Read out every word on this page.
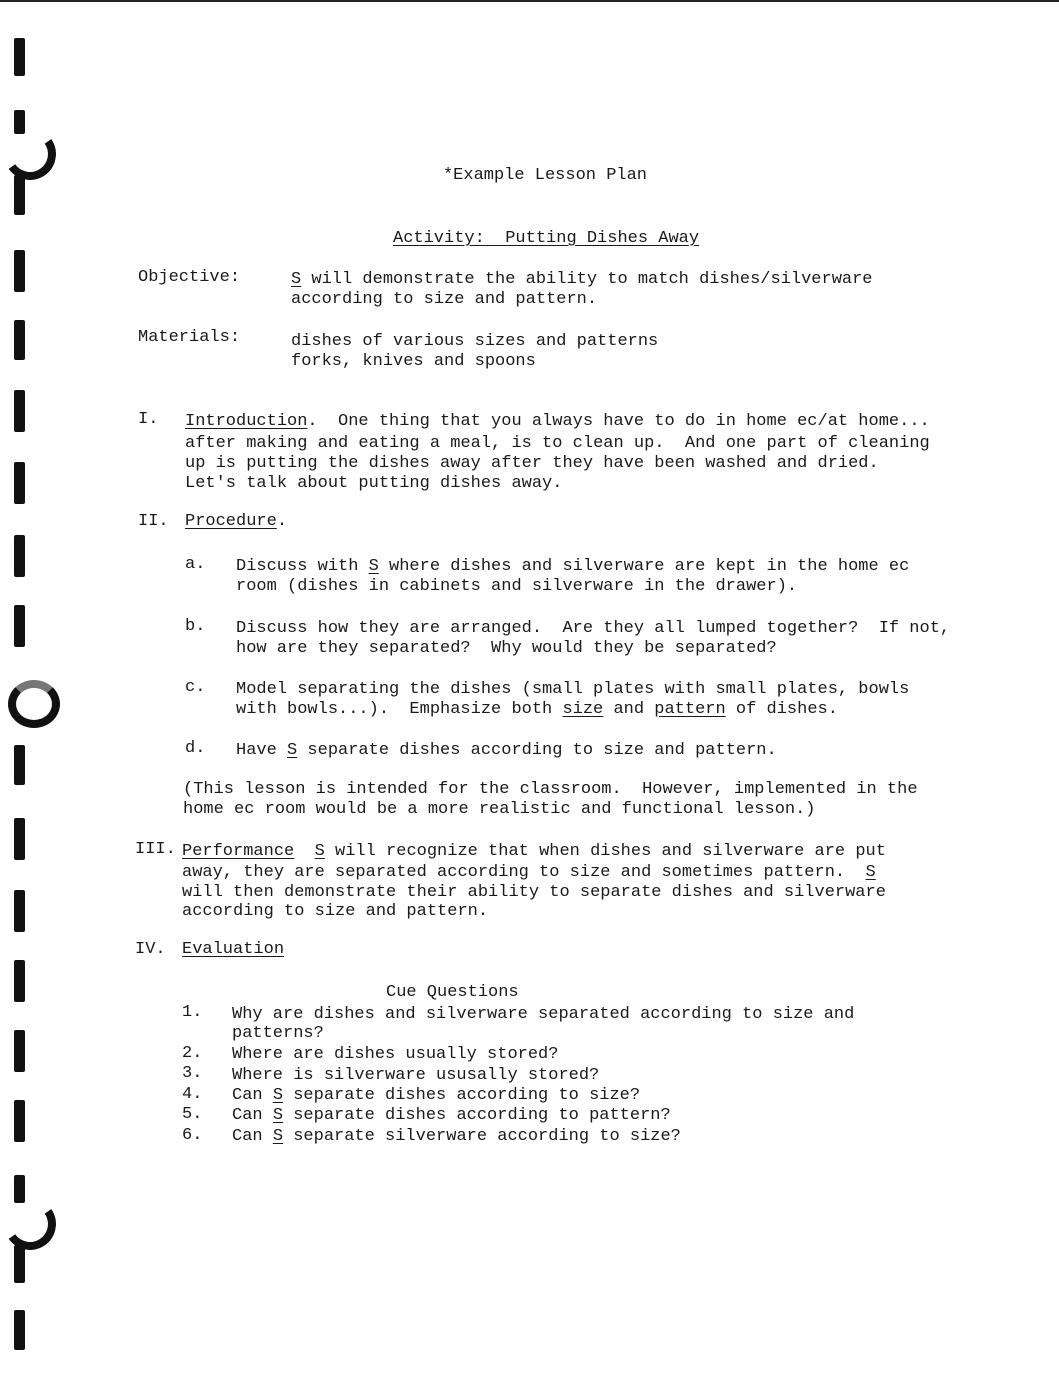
*Example Lesson Plan
Activity: Putting Dishes Away
Objective:	S will demonstrate the ability to match dishes/silverware
according to size and pattern.
Materials:	dishes of various sizes and patterns
forks, knives and spoons
I. Introduction.  One thing that you always have to do in home ec/at home...
after making and eating a meal, is to clean up.  And one part of cleaning
up is putting the dishes away after they have been washed and dried.
Let's talk about putting dishes away.
II. Procedure.
a. Discuss with S where dishes and silverware are kept in the home ec
room (dishes in cabinets and silverware in the drawer).
b. Discuss how they are arranged.  Are they all lumped together?  If not,
how are they separated?  Why would they be separated?
c. Model separating the dishes (small plates with small plates, bowls
with bowls...).  Emphasize both size and pattern of dishes.
d. Have S separate dishes according to size and pattern.
(This lesson is intended for the classroom.  However, implemented in the
home ec room would be a more realistic and functional lesson.)
III. Performance S will recognize that when dishes and silverware are put
away, they are separated according to size and sometimes pattern.  S
will then demonstrate their ability to separate dishes and silverware
according to size and pattern.
IV. Evaluation
Cue Questions
1. Why are dishes and silverware separated according to size and
patterns?
2. Where are dishes usually stored?
3. Where is silverware ususally stored?
4. Can S separate dishes according to size?
5. Can S separate dishes according to pattern?
6. Can S separate silverware according to size?
